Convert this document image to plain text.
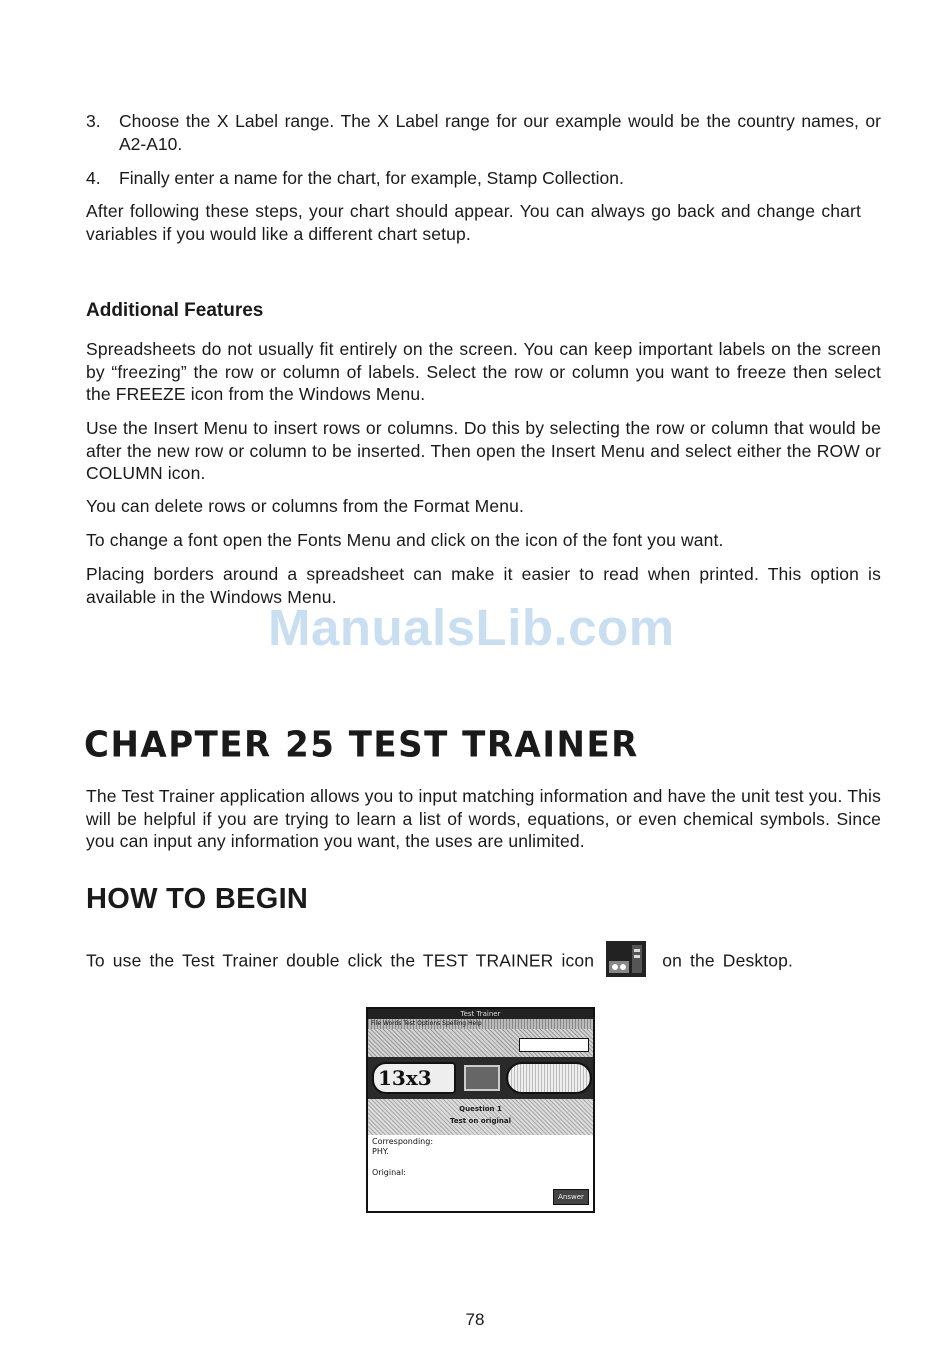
3. Choose the X Label range. The X Label range for our example would be the country names, or A2-A10.
4. Finally enter a name for the chart, for example, Stamp Collection.

After following these steps, your chart should appear. You can always go back and change chart variables if you would like a different chart setup.

Additional Features

Spreadsheets do not usually fit entirely on the screen. You can keep important labels on the screen by “freezing” the row or column of labels. Select the row or column you want to freeze then select the FREEZE icon from the Windows Menu.

Use the Insert Menu to insert rows or columns. Do this by selecting the row or column that would be after the new row or column to be inserted. Then open the Insert Menu and select either the ROW or COLUMN icon.

You can delete rows or columns from the Format Menu.

To change a font open the Fonts Menu and click on the icon of the font you want.

Placing borders around a spreadsheet can make it easier to read when printed. This option is available in the Windows Menu.

ManualsLib.com
CHAPTER 25 TEST TRAINER

The Test Trainer application allows you to input matching information and have the unit test you. This will be helpful if you are trying to learn a list of words, equations, or even chemical symbols. Since you can input any information you want, the uses are unlimited.

HOW TO BEGIN

To use the Test Trainer double click the TEST TRAINER icon	on the Desktop.

Test Trainer
File Words Test Options Spelling Help
13x3
Question 1
Test on original
Corresponding:
PHY.
Original:
Answer
78
